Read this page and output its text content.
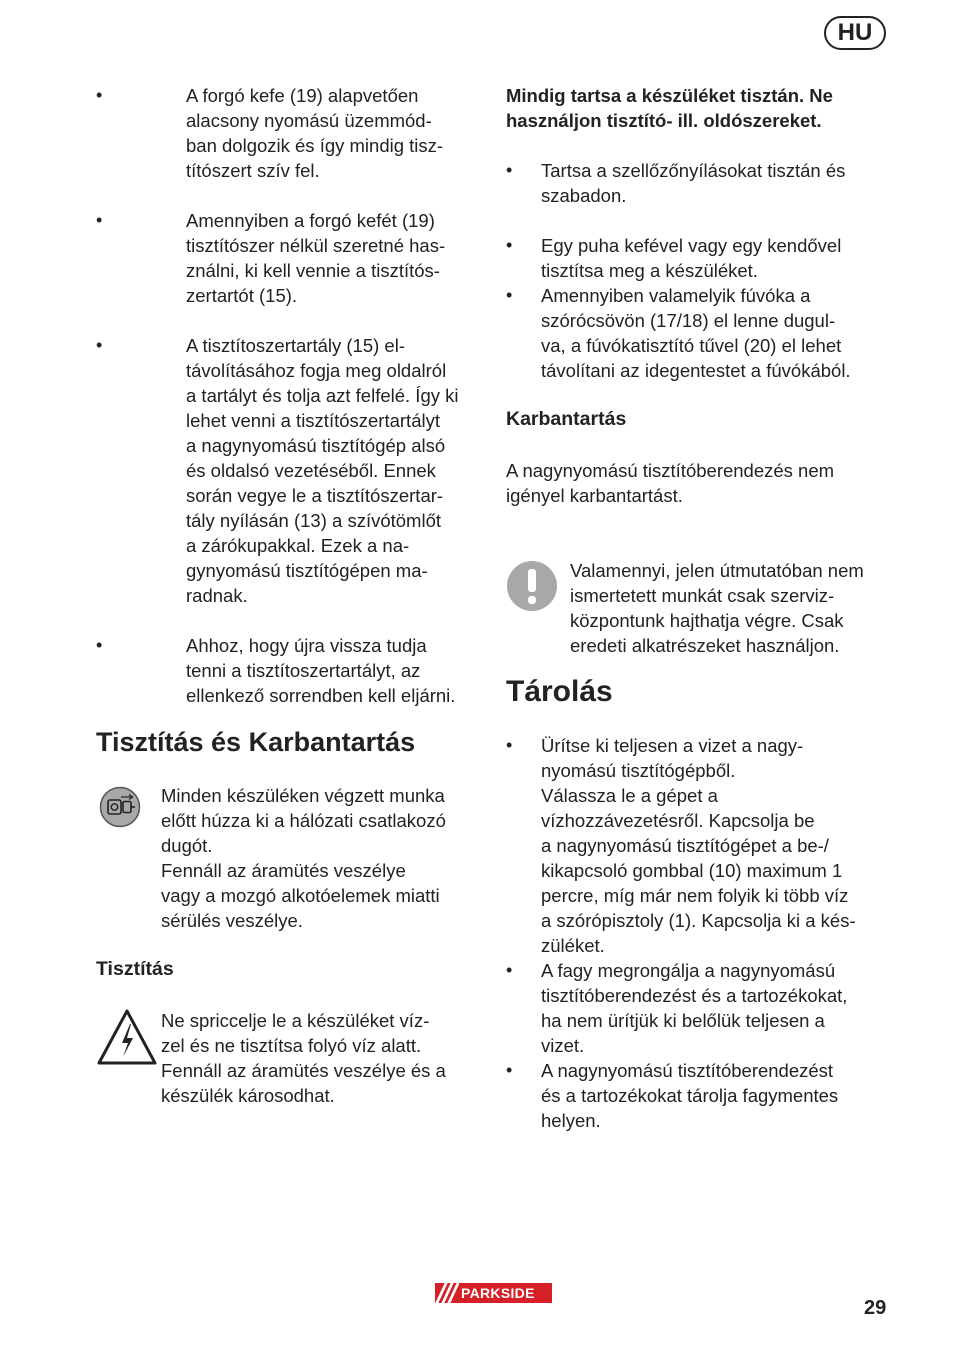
HU
•	A forgó kefe (19) alapvetően
alacsony nyomású üzemmód-
ban dolgozik és így mindig tisz-
títószert szív fel.
•	Amennyiben a forgó kefét (19)
tisztítószer nélkül szeretné has-
ználni, ki kell vennie a tisztítós-
zertartót (15).
•	A tisztítoszertartály (15) el-
távolításához fogja meg oldalról
a tartályt és tolja azt felfelé. Így ki
lehet venni a tisztítószertartályt
a nagynyomású tisztítógép alsó
és oldalsó vezetéséből. Ennek
során vegye le a tisztítószertar-
tály nyílásán (13) a szívótömlőt
a zárókupakkal. Ezek a na-
gynyomású tisztítógépen ma-
radnak.
•	Ahhoz, hogy újra vissza tudja
tenni a tisztítoszertartályt, az
ellenkező sorrendben kell eljárni.
Tisztítás és Karbantartás
Minden készüléken végzett munka
előtt húzza ki a hálózati csatlakozó
dugót.
Fennáll az áramütés veszélye
vagy a mozgó alkotóelemek miatti
sérülés veszélye.
Tisztítás
Ne spriccelje le a készüléket víz-
zel és ne tisztítsa folyó víz alatt.
Fennáll az áramütés veszélye és a
készülék károsodhat.
Mindig tartsa a készüléket tisztán. Ne
használjon tisztító- ill. oldószereket.
• Tartsa a szellőzőnyílásokat tisztán és
szabadon.
• Egy puha kefével vagy egy kendővel
tisztítsa meg a készüléket.
• Amennyiben valamelyik fúvóka a
szórócsövön (17/18) el lenne dugul-
va, a fúvókatisztító tűvel (20) el lehet
távolítani az idegentestet a fúvókából.
Karbantartás
A nagynyomású tisztítóberendezés nem
igényel karbantartást.
Valamennyi, jelen útmutatóban nem
ismertetett munkát csak szerviz-
központunk hajthatja végre. Csak
eredeti alkatrészeket használjon.
Tárolás
• Ürítse ki teljesen a vizet a nagy-
nyomású tisztítógépből.
Válassza le a gépet a
vízhozzávezetésről. Kapcsolja be
a nagynyomású tisztítógépet a be-/
kikapcsoló gombbal (10) maximum 1
percre, míg már nem folyik ki több víz
a szórópisztoly (1). Kapcsolja ki a kés-
züléket.
• A fagy megrongálja a nagynyomású
tisztítóberendezést és a tartozékokat,
ha nem ürítjük ki belőlük teljesen a
vizet.
• A nagynyomású tisztítóberendezést
és a tartozékokat tárolja fagymentes
helyen.
PARKSIDE
29
